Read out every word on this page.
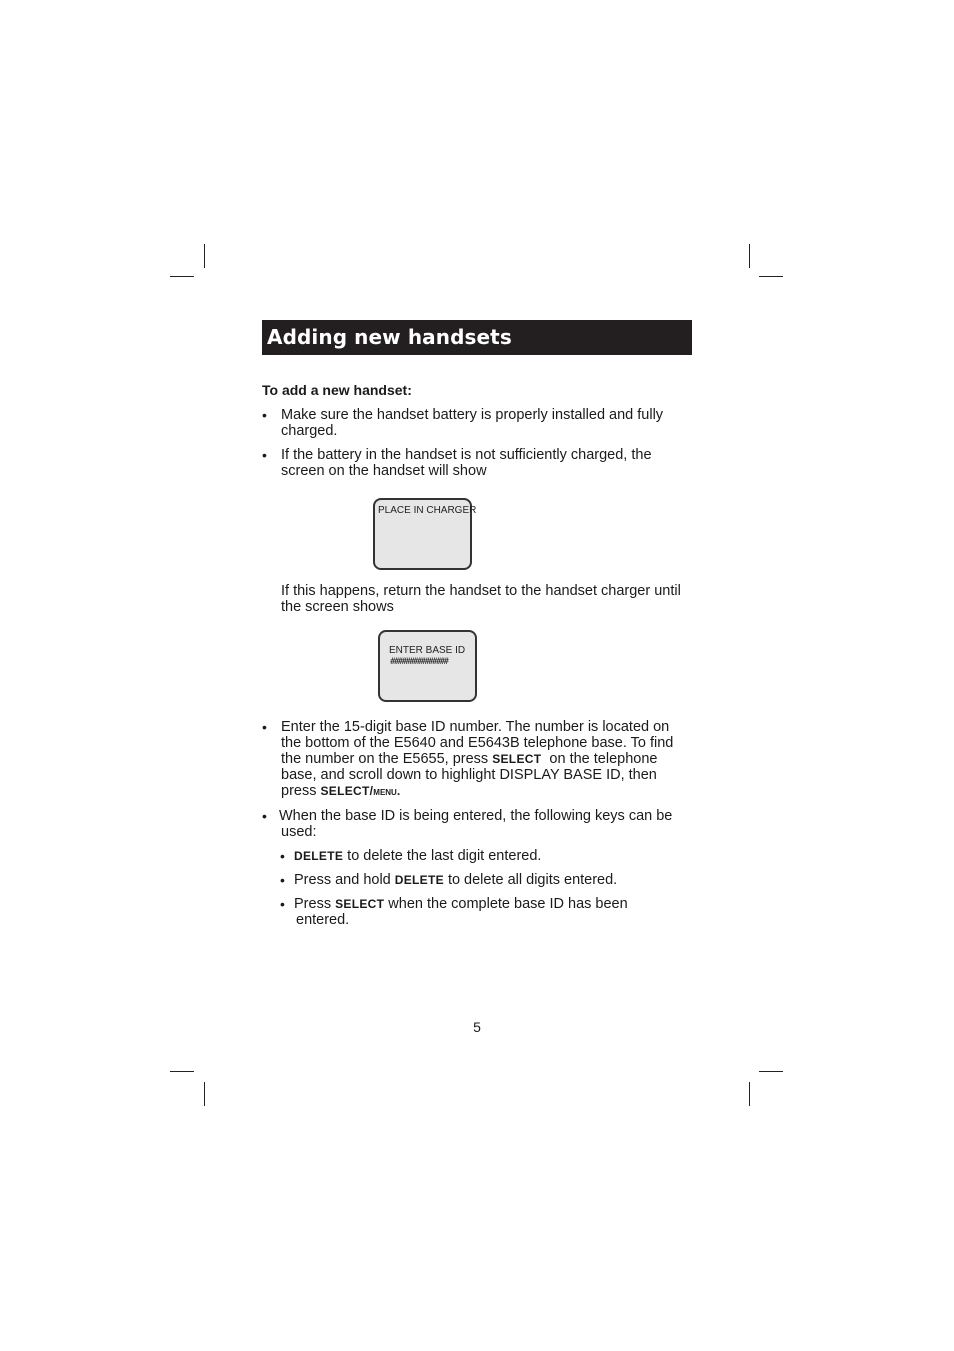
Adding new handsets
To add a new handset:
• Make sure the handset battery is properly installed and fully
charged.
• If the battery in the handset is not sufficiently charged, the
screen on the handset will show
PLACE IN CHARGER
If this happens, return the handset to the handset charger until
the screen shows
ENTER BASE ID
###############
• Enter the 15-digit base ID number. The number is located on
the bottom of the E5640 and E5643B telephone base. To find
the number on the E5655, press SELECT on the telephone
base, and scroll down to highlight DISPLAY BASE ID, then
press SELECT/MENU.
• When the base ID is being entered, the following keys can be
used:
• DELETE to delete the last digit entered.
• Press and hold DELETE to delete all digits entered.
• Press SELECT when the complete base ID has been
entered.
5
